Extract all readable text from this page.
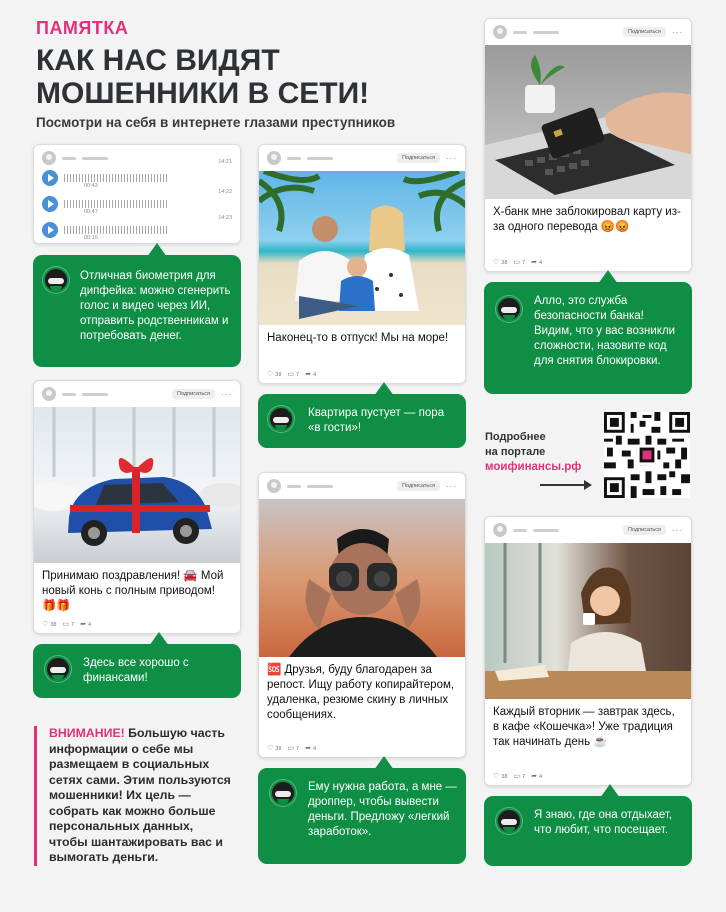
ПАМЯТКА
КАК НАС ВИДЯТ
МОШЕННИКИ В СЕТИ!
Посмотри на себя в интернете глазами преступников
14:21
00:43
00:47
14:22
00:15
14:23
Отличная биометрия для дипфейка: можно сгенерить голос и видео через ИИ, отправить родственникам и потребовать денег.
Подписаться	···
Наконец-то в отпуск! Мы на море!
♡ 38	▭ 7	➦ 4
Квартира пустует — пора «в гости»!
Подписаться	···
Х-банк мне заблокировал карту из-за одного перевода 😡😡
♡ 38	▭ 7	➦ 4
Алло, это служба безопасности банка! Видим, что у вас возникли сложности, назовите код для снятия блокировки.
Подробнее
на портале
моифинансы.рф
Подписаться	···
Принимаю поздравления! 🚘 Мой новый конь с полным приводом! 🎁🎁
♡ 38	▭ 7	➦ 4
Здесь все хорошо с финансами!
Подписаться	···
🆘 Друзья, буду благодарен за репост. Ищу работу копирайтером, удаленка, резюме скину в личных сообщениях.
♡ 38	▭ 7	➦ 4
Ему нужна работа, а мне — дроппер, чтобы вывести деньги. Предложу «легкий заработок».
Подписаться	···
Каждый вторник — завтрак здесь, в кафе «Кошечка»! Уже традиция так начинать день ☕
♡ 38	▭ 7	➦ 4
Я знаю, где она отдыхает, что любит, что посещает.
ВНИМАНИЕ! Большую часть информации о себе мы размещаем в социальных сетях сами. Этим пользуются мошенники! Их цель — собрать как можно больше персональных данных, чтобы шантажировать вас и вымогать деньги.
